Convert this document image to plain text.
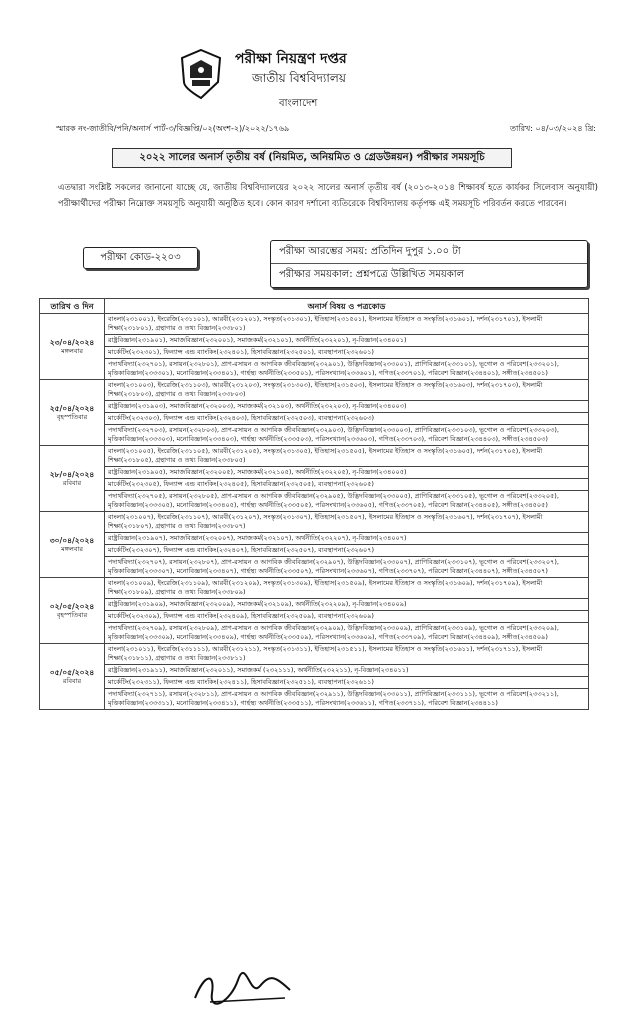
পরীক্ষা নিয়ন্ত্রণ দপ্তর
জাতীয় বিশ্ববিদ্যালয়
বাংলাদেশ
স্মারক নং-জাতীবি/পনি/অনার্স পার্ট-৩/বিজ্ঞপ্তি/০২(অংশ-২)/২০২২/১৭৬৯	তারিখ: ০৪/০৩/২০২৪ খ্রি:
২০২২ সালের অনার্স তৃতীয় বর্ষ (নিয়মিত, অনিয়মিত ও গ্রেডউন্নয়ন) পরীক্ষার সময়সূচি
এতদ্বারা সংশ্লিষ্ট সকলের জানানো যাচ্ছে যে, জাতীয় বিশ্ববিদ্যালয়ের ২০২২ সালের অনার্স তৃতীয় বর্ষ (২০১৩-২০১৪ শিক্ষাবর্ষ হতে কার্যকর সিলেবাস অনুযায়ী) পরীক্ষার্থীদের পরীক্ষা নিম্নোক্ত সময়সূচি অনুযায়ী অনুষ্ঠিত হবে। কোন কারণ দর্শানো ব্যতিরেকে বিশ্ববিদ্যালয় কর্তৃপক্ষ এই সময়সূচি পরিবর্তন করতে পারবেন।
পরীক্ষা কোড-২২০৩
পরীক্ষা আরম্ভের সময়: প্রতিদিন দুপুর ১.০০ টা
পরীক্ষার সময়কাল: প্রশ্নপত্রে উল্লিখিত সময়কাল
তারিখ ও দিন	অনার্স বিষয় ও পত্রকোড

২৩/০৪/২০২৪
মঙ্গলবার	বাংলা(২৩১০০১), ইংরেজি(২৩১১০১), আরবী(২৩১২০১), সংস্কৃত(২৩১৩০১), ইতিহাস(২৩১৫০১), ইসলামের ইতিহাস ও সংস্কৃতি(২৩১৬০১), দর্শন(২৩১৭০১), ইসলামী শিক্ষা(২৩১৮০১), গ্রন্থাগার ও তথ্য বিজ্ঞান(২৩৩৮০১)
	রাষ্ট্রবিজ্ঞান(২৩১৯০১), সমাজবিজ্ঞান(২৩২০০১), সমাজকর্ম(২৩২১০১), অর্থনীতি(২৩২২০১), নৃ-বিজ্ঞান(২৩৪০০১)
	মার্কেটিং(২৩২৩০১), ফিন্যান্স এন্ড ব্যাংকিং(২৩২৪০১), হিসাববিজ্ঞান(২৩২৫০১), ব্যবস্থাপনা(২৩২৬০১)
	পদার্থবিদ্যা(২৩২৭০১), রসায়ন(২৩২৮০১), প্রাণ-রসায়ন ও আণবিক জীববিজ্ঞান(২৩২৯০১), উদ্ভিদবিজ্ঞান(২৩৩০০১), প্রাণিবিজ্ঞান(২৩৩১০১), ভূগোল ও পরিবেশ(২৩৩২০১), মৃত্তিকাবিজ্ঞান(২৩৩৩০১), মনোবিজ্ঞান(২৩৩৪০১), গার্হস্থ্য অর্থনীতি(২৩৩৫০১), পরিসংখ্যান(২৩৩৬০১), গণিত(২৩৩৭০১), পরিবেশ বিজ্ঞান(২৩৪৪০১), সঙ্গীত(২৩৪৫০১)

২৫/০৪/২০২৪
বৃহস্পতিবার	বাংলা(২৩১০০৩), ইংরেজি(২৩১১০৩), আরবী(২৩১২০৩), সংস্কৃত(২৩১৩০৩), ইতিহাস(২৩১৫০৩), ইসলামের ইতিহাস ও সংস্কৃতি(২৩১৬০৩), দর্শন(২৩১৭০৩), ইসলামী শিক্ষা(২৩১৮০৩), গ্রন্থাগার ও তথ্য বিজ্ঞান(২৩৩৮০৩)
	রাষ্ট্রবিজ্ঞান(২৩১৯০৩), সমাজবিজ্ঞান(২৩২০০৩), সমাজকর্ম(২৩২১০৩), অর্থনীতি(২৩২২০৩), নৃ-বিজ্ঞান(২৩৪০০৩)
	মার্কেটিং(২৩২৩০৩), ফিন্যান্স এন্ড ব্যাংকিং(২৩২৪০৩), হিসাববিজ্ঞান(২৩২৫০৩), ব্যবস্থাপনা(২৩২৬০৩)
	পদার্থবিদ্যা(২৩২৭০৩), রসায়ন(২৩২৮০৩), প্রাণ-রসায়ন ও আণবিক জীববিজ্ঞান(২৩২৯০৩), উদ্ভিদবিজ্ঞান(২৩৩০০৩), প্রাণিবিজ্ঞান(২৩৩১০৩), ভূগোল ও পরিবেশ(২৩৩২০৩), মৃত্তিকাবিজ্ঞান(২৩৩৩০৩), মনোবিজ্ঞান(২৩৩৪০৩), গার্হস্থ্য অর্থনীতি(২৩৩৫০৩), পরিসংখ্যান(২৩৩৬০৩), গণিত(২৩৩৭০৩), পরিবেশ বিজ্ঞান(২৩৪৪০৩), সঙ্গীত(২৩৪৫০৩)

২৮/০৪/২০২৪
রবিবার	বাংলা(২৩১০০৫), ইংরেজি(২৩১১০৫), আরবী(২৩১২০৫), সংস্কৃত(২৩১৩০৫), ইতিহাস(২৩১৫০৫), ইসলামের ইতিহাস ও সংস্কৃতি(২৩১৬০৫), দর্শন(২৩১৭০৫), ইসলামী শিক্ষা(২৩১৮০৫), গ্রন্থাগার ও তথ্য বিজ্ঞান(২৩৩৮০৫)
	রাষ্ট্রবিজ্ঞান(২৩১৯০৫), সমাজবিজ্ঞান(২৩২০০৫), সমাজকর্ম(২৩২১০৫), অর্থনীতি(২৩২২০৫), নৃ-বিজ্ঞান(২৩৪০০৫)
	মার্কেটিং(২৩২৩০৫), ফিন্যান্স এন্ড ব্যাংকিং(২৩২৪০৫), হিসাববিজ্ঞান(২৩২৫০৫), ব্যবস্থাপনা(২৩২৬০৫)
	পদার্থবিদ্যা(২৩২৭০৫), রসায়ন(২৩২৮০৫), প্রাণ-রসায়ন ও আণবিক জীববিজ্ঞান(২৩২৯০৫), উদ্ভিদবিজ্ঞান(২৩৩০০৫), প্রাণিবিজ্ঞান(২৩৩১০৫), ভূগোল ও পরিবেশ(২৩৩২০৫), মৃত্তিকাবিজ্ঞান(২৩৩৩০৫), মনোবিজ্ঞান(২৩৩৪০৫), গার্হস্থ্য অর্থনীতি(২৩৩৫০৫), পরিসংখ্যান(২৩৩৬০৫), গণিত(২৩৩৭০৫), পরিবেশ বিজ্ঞান(২৩৪৪০৫), সঙ্গীত(২৩৪৫০৫)

৩০/০৪/২০২৪
মঙ্গলবার	বাংলা(২৩১০০৭), ইংরেজি(২৩১১০৭), আরবী(২৩১২০৭), সংস্কৃত(২৩১৩০৭), ইতিহাস(২৩১৫০৭), ইসলামের ইতিহাস ও সংস্কৃতি(২৩১৬০৭), দর্শন(২৩১৭০৭), ইসলামী শিক্ষা(২৩১৮০৭), গ্রন্থাগার ও তথ্য বিজ্ঞান(২৩৩৮০৭)
	রাষ্ট্রবিজ্ঞান(২৩১৯০৭), সমাজবিজ্ঞান(২৩২০০৭), সমাজকর্ম(২৩২১০৭), অর্থনীতি(২৩২২০৭), নৃ-বিজ্ঞান(২৩৪০০৭)
	মার্কেটিং(২৩২৩০৭), ফিন্যান্স এন্ড ব্যাংকিং(২৩২৪০৭), হিসাববিজ্ঞান(২৩২৫০৭), ব্যবস্থাপনা(২৩২৬০৭)
	পদার্থবিদ্যা(২৩২৭০৭), রসায়ন(২৩২৮০৭), প্রাণ-রসায়ন ও আণবিক জীববিজ্ঞান(২৩২৯০৭), উদ্ভিদবিজ্ঞান(২৩৩০০৭), প্রাণিবিজ্ঞান(২৩৩১০৭), ভূগোল ও পরিবেশ(২৩৩২০৭), মৃত্তিকাবিজ্ঞান(২৩৩৩০৭), মনোবিজ্ঞান(২৩৩৪০৭), গার্হস্থ্য অর্থনীতি(২৩৩৫০৭), পরিসংখ্যান(২৩৩৬০৭), গণিত(২৩৩৭০৭), পরিবেশ বিজ্ঞান(২৩৪৪০৭), সঙ্গীত(২৩৪৫০৭)

০২/০৫/২০২৪
বৃহস্পতিবার	বাংলা(২৩১০০৯), ইংরেজি(২৩১১০৯), আরবী(২৩১২০৯), সংস্কৃত(২৩১৩০৯), ইতিহাস(২৩১৫০৯), ইসলামের ইতিহাস ও সংস্কৃতি(২৩১৬০৯), দর্শন(২৩১৭০৯), ইসলামী শিক্ষা(২৩১৮০৯), গ্রন্থাগার ও তথ্য বিজ্ঞান(২৩৩৮০৯)
	রাষ্ট্রবিজ্ঞান(২৩১৯০৯), সমাজবিজ্ঞান(২৩২০০৯), সমাজকর্ম(২৩২১০৯), অর্থনীতি(২৩২২০৯), নৃ-বিজ্ঞান(২৩৪০০৯)
	মার্কেটিং(২৩২৩০৯), ফিন্যান্স এন্ড ব্যাংকিং(২৩২৪০৯), হিসাববিজ্ঞান(২৩২৫০৯), ব্যবস্থাপনা(২৩২৬০৯)
	পদার্থবিদ্যা(২৩২৭০৯), রসায়ন(২৩২৮০৯), প্রাণ-রসায়ন ও আণবিক জীববিজ্ঞান(২৩২৯০৯), উদ্ভিদবিজ্ঞান(২৩৩০০৯), প্রাণিবিজ্ঞান(২৩৩১০৯), ভূগোল ও পরিবেশ(২৩৩২০৯), মৃত্তিকাবিজ্ঞান(২৩৩৩০৯), মনোবিজ্ঞান(২৩৩৪০৯), গার্হস্থ্য অর্থনীতি(২৩৩৫০৯), পরিসংখ্যান(২৩৩৬০৯), গণিত(২৩৩৭০৯), পরিবেশ বিজ্ঞান(২৩৪৪০৯), সঙ্গীত(২৩৪৫০৯)

০৫/০৫/২০২৪
রবিবার	বাংলা(২৩১০১১), ইংরেজি(২৩১১১১), আরবী(২৩১২১১), সংস্কৃত(২৩১৩১১), ইতিহাস(২৩১৫১১), ইসলামের ইতিহাস ও সংস্কৃতি(২৩১৬১১), দর্শন(২৩১৭১১), ইসলামী শিক্ষা(২৩১৮১১), গ্রন্থাগার ও তথ্য বিজ্ঞান(২৩৩৮১১)
	রাষ্ট্রবিজ্ঞান(২৩১৯১১), সমাজবিজ্ঞান(২৩২০১১), সমাজকর্ম (২৩২১১১), অর্থনীতি(২৩২২১১), নৃ-বিজ্ঞান(২৩৪০১১)
	মার্কেটিং(২৩২৩১১), ফিন্যান্স এন্ড ব্যাংকিং(২৩২৪১১), হিসাববিজ্ঞান(২৩২৫১১), ব্যবস্থাপনা(২৩২৬১১)
	পদার্থবিদ্যা(২৩২৭১১), রসায়ন(২৩২৮১১), প্রাণ-রসায়ন ও আণবিক জীববিজ্ঞান(২৩২৯১১), উদ্ভিদবিজ্ঞান(২৩৩০১১), প্রাণিবিজ্ঞান(২৩৩১১১), ভূগোল ও পরিবেশ(২৩৩২১১), মৃত্তিকাবিজ্ঞান(২৩৩৩১১), মনোবিজ্ঞান(২৩৩৪১১), গার্হস্থ্য অর্থনীতি(২৩৩৫১১), পরিসংখ্যান(২৩৩৬১১), গণিত(২৩৩৭১১), পরিবেশ বিজ্ঞান(২৩৪৪১১)
